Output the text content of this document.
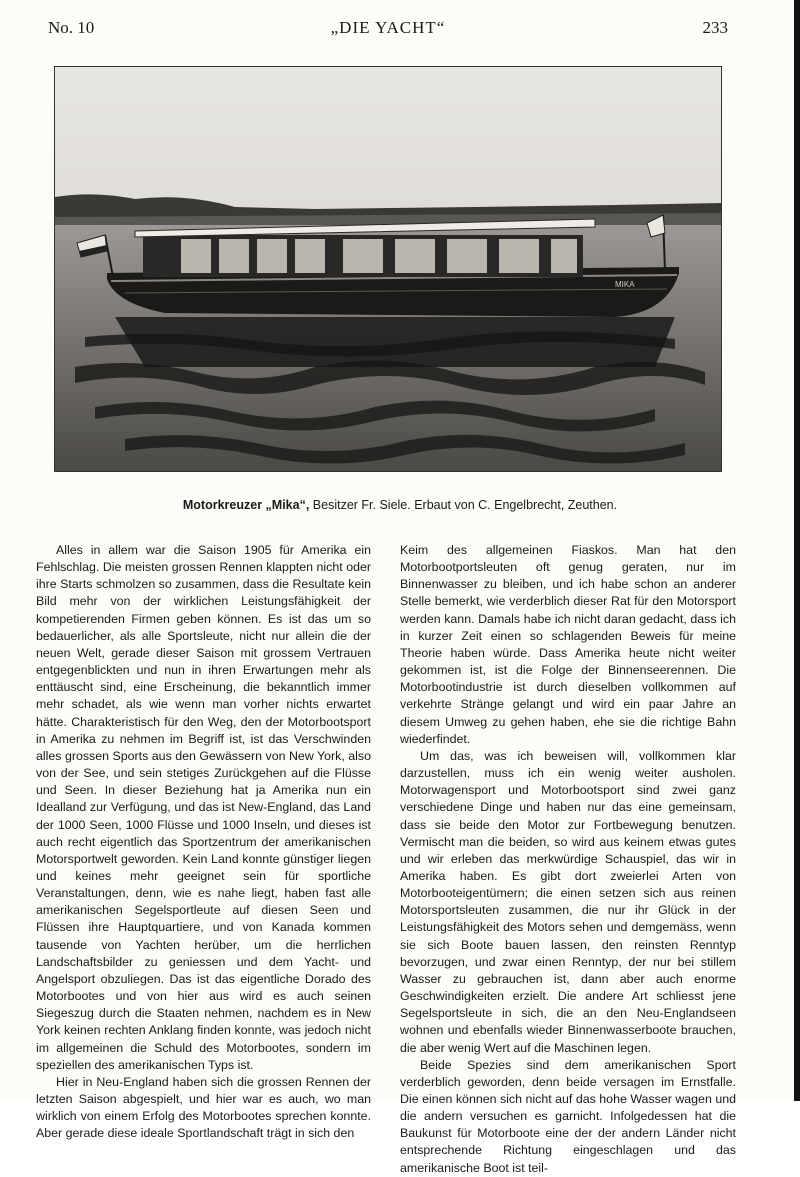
No. 10	„DIE YACHT“	233
MIKA
Motorkreuzer „Mika“, Besitzer Fr. Siele. Erbaut von C. Engelbrecht, Zeuthen.

Alles in allem war die Saison 1905 für Amerika ein Fehlschlag. Die meisten grossen Rennen klappten nicht oder ihre Starts schmolzen so zusammen, dass die Resultate kein Bild mehr von der wirklichen Leistungsfähigkeit der kompetierenden Firmen geben können. Es ist das um so bedauerlicher, als alle Sportsleute, nicht nur allein die der neuen Welt, gerade dieser Saison mit grossem Vertrauen entgegenblickten und nun in ihren Erwartungen mehr als enttäuscht sind, eine Erscheinung, die bekanntlich immer mehr schadet, als wie wenn man vorher nichts erwartet hätte. Charakteristisch für den Weg, den der Motorbootsport in Amerika zu nehmen im Begriff ist, ist das Verschwinden alles grossen Sports aus den Gewässern von New York, also von der See, und sein stetiges Zurückgehen auf die Flüsse und Seen. In dieser Beziehung hat ja Amerika nun ein Idealland zur Verfügung, und das ist New-England, das Land der 1000 Seen, 1000 Flüsse und 1000 Inseln, und dieses ist auch recht eigentlich das Sportzentrum der amerikanischen Motorsportwelt geworden. Kein Land konnte günstiger liegen und keines mehr geeignet sein für sportliche Veranstaltungen, denn, wie es nahe liegt, haben fast alle amerikanischen Segelsportleute auf diesen Seen und Flüssen ihre Hauptquartiere, und von Kanada kommen tausende von Yachten herüber, um die herrlichen Landschaftsbilder zu geniessen und dem Yacht- und Angelsport obzuliegen. Das ist das eigentliche Dorado des Motorbootes und von hier aus wird es auch seinen Siegeszug durch die Staaten nehmen, nachdem es in New York keinen rechten Anklang finden konnte, was jedoch nicht im allgemeinen die Schuld des Motorbootes, sondern im speziellen des amerikanischen Typs ist.

Hier in Neu-England haben sich die grossen Rennen der letzten Saison abgespielt, und hier war es auch, wo man wirklich von einem Erfolg des Motorbootes sprechen konnte. Aber gerade diese ideale Sportlandschaft trägt in sich den

Keim des allgemeinen Fiaskos. Man hat den Motorbootportsleuten oft genug geraten, nur im Binnenwasser zu bleiben, und ich habe schon an anderer Stelle bemerkt, wie verderblich dieser Rat für den Motorsport werden kann. Damals habe ich nicht daran gedacht, dass ich in kurzer Zeit einen so schlagenden Beweis für meine Theorie haben würde. Dass Amerika heute nicht weiter gekommen ist, ist die Folge der Binnenseerennen. Die Motorbootindustrie ist durch dieselben vollkommen auf verkehrte Stränge gelangt und wird ein paar Jahre an diesem Umweg zu gehen haben, ehe sie die richtige Bahn wiederfindet.

Um das, was ich beweisen will, vollkommen klar darzustellen, muss ich ein wenig weiter ausholen. Motorwagensport und Motorbootsport sind zwei ganz verschiedene Dinge und haben nur das eine gemeinsam, dass sie beide den Motor zur Fortbewegung benutzen. Vermischt man die beiden, so wird aus keinem etwas gutes und wir erleben das merkwürdige Schauspiel, das wir in Amerika haben. Es gibt dort zweierlei Arten von Motorbooteigentümern; die einen setzen sich aus reinen Motorsportsleuten zusammen, die nur ihr Glück in der Leistungsfähigkeit des Motors sehen und demgemäss, wenn sie sich Boote bauen lassen, den reinsten Renntyp bevorzugen, und zwar einen Renntyp, der nur bei stillem Wasser zu gebrauchen ist, dann aber auch enorme Geschwindigkeiten erzielt. Die andere Art schliesst jene Segelsportsleute in sich, die an den Neu-Englandseen wohnen und ebenfalls wieder Binnenwasserboote brauchen, die aber wenig Wert auf die Maschinen legen.

Beide Spezies sind dem amerikanischen Sport verderblich geworden, denn beide versagen im Ernstfalle. Die einen können sich nicht auf das hohe Wasser wagen und die andern versuchen es garnicht. Infolgedessen hat die Baukunst für Motorboote eine der der andern Länder nicht entsprechende Richtung eingeschlagen und das amerikanische Boot ist teil-
